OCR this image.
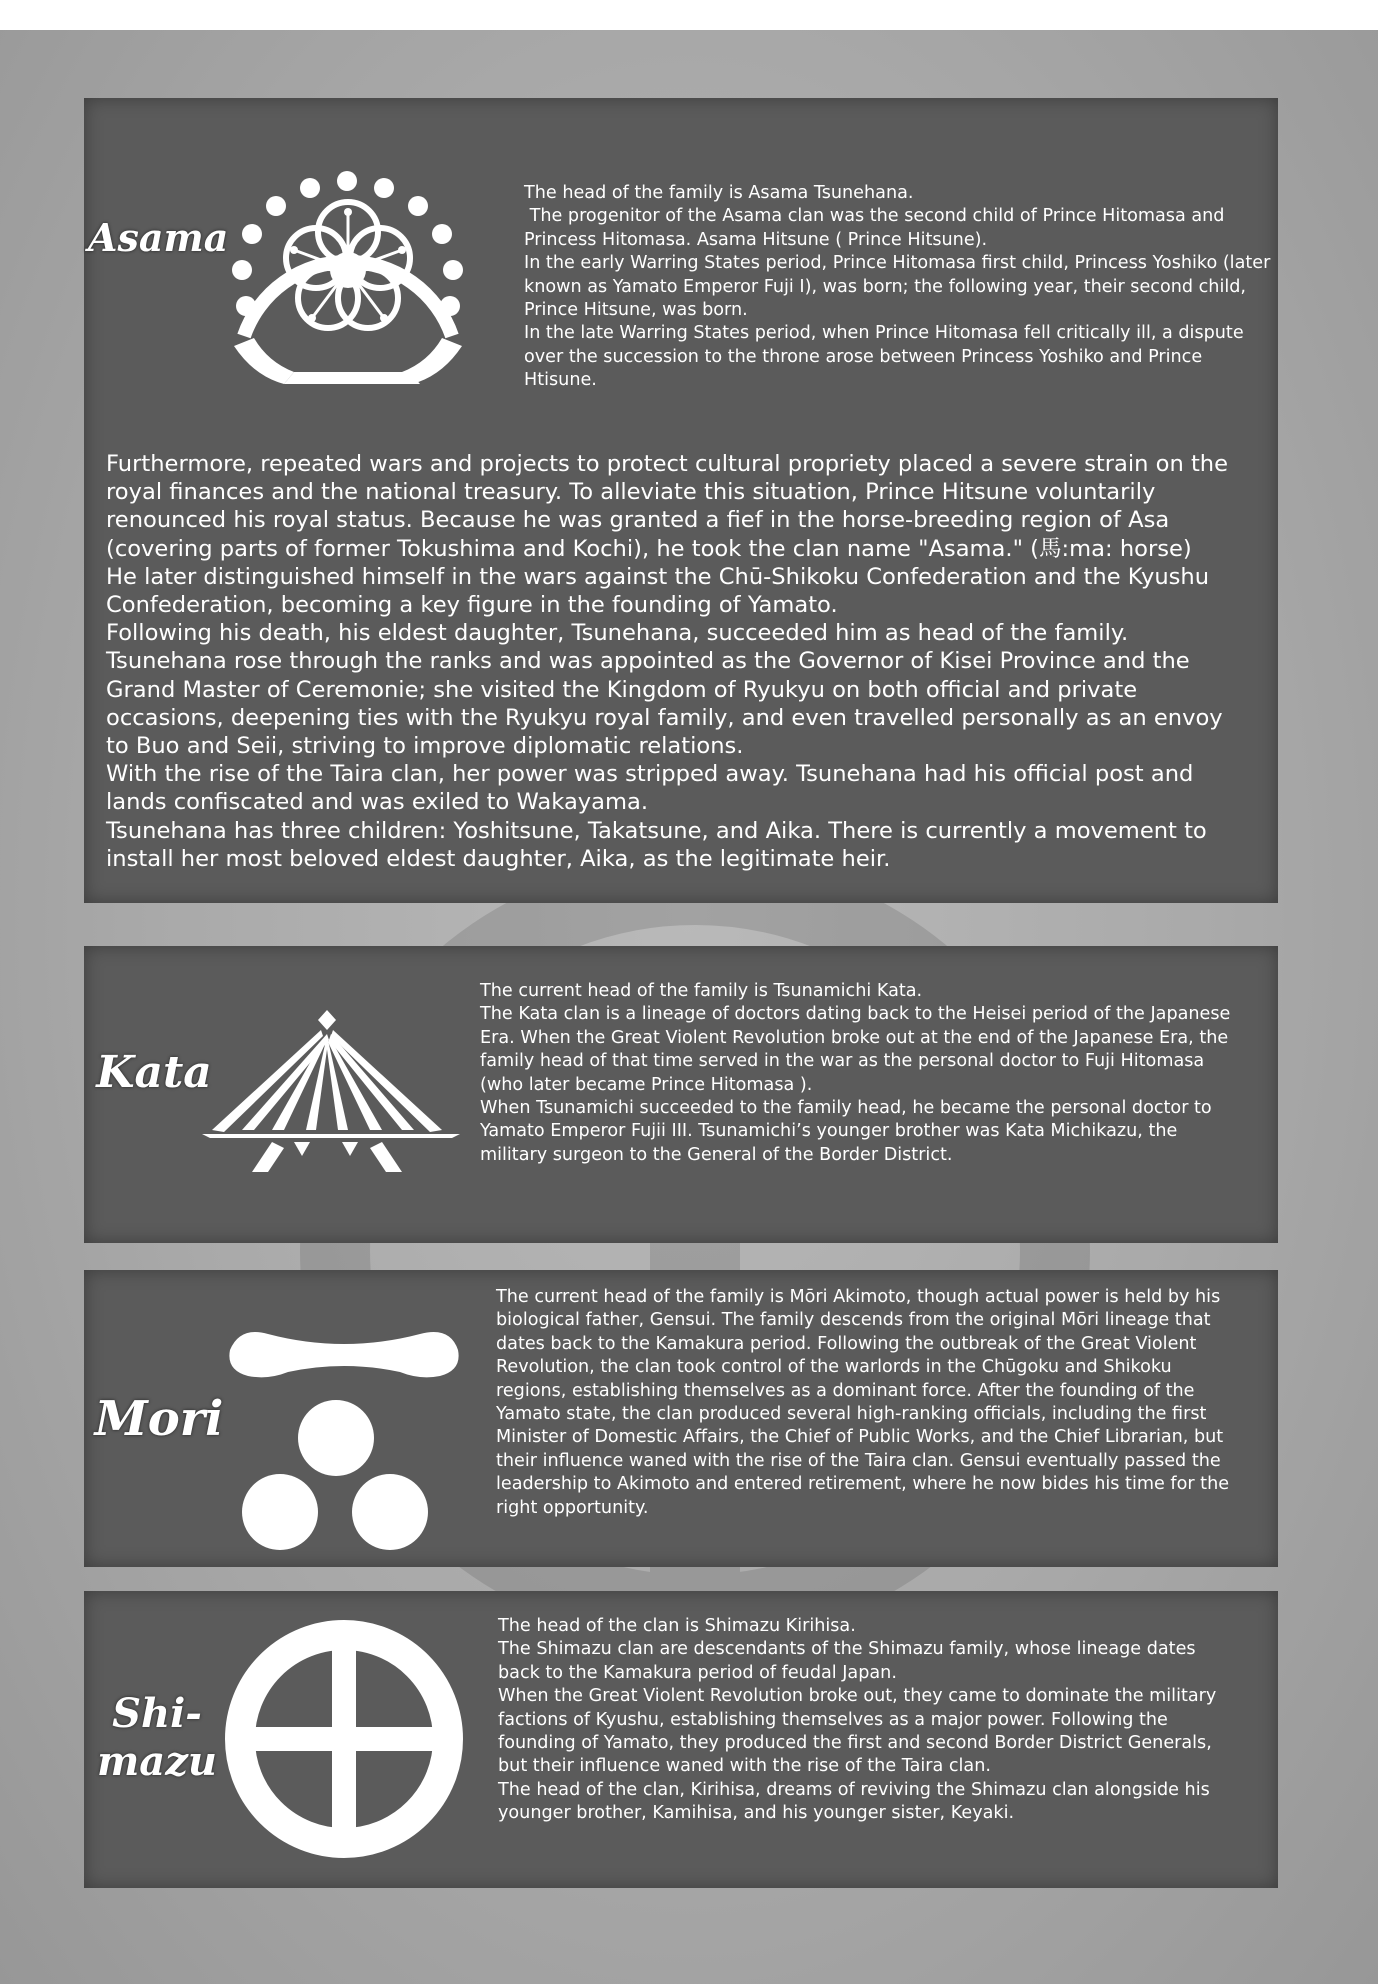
Asama

The head of the family is Asama Tsunehana.

The progenitor of the Asama clan was the second child of Prince Hitomasa and Princess Hitomasa. Asama Hitsune ( Prince Hitsune).

In the early Warring States period, Prince Hitomasa first child, Princess Yoshiko (later known as Yamato Emperor Fuji I), was born; the following year, their second child, Prince Hitsune, was born.

In the late Warring States period, when Prince Hitomasa fell critically ill, a dispute over the succession to the throne arose between Princess Yoshiko and Prince Htisune.

Furthermore, repeated wars and projects to protect cultural propriety placed a severe strain on the royal finances and the national treasury. To alleviate this situation, Prince Hitsune voluntarily renounced his royal status. Because he was granted a fief in the horse-breeding region of Asa (covering parts of former Tokushima and Kochi), he took the clan name "Asama." (馬:ma: horse)

He later distinguished himself in the wars against the Chū-Shikoku Confederation and the Kyushu Confederation, becoming a key figure in the founding of Yamato.

Following his death, his eldest daughter, Tsunehana, succeeded him as head of the family.

Tsunehana rose through the ranks and was appointed as the Governor of Kisei Province and the Grand Master of Ceremonie; she visited the Kingdom of Ryukyu on both official and private occasions, deepening ties with the Ryukyu royal family, and even travelled personally as an envoy to Buo and Seii, striving to improve diplomatic relations.

With the rise of the Taira clan, her power was stripped away. Tsunehana had his official post and lands confiscated and was exiled to Wakayama.

Tsunehana has three children: Yoshitsune, Takatsune, and Aika. There is currently a movement to install her most beloved eldest daughter, Aika, as the legitimate heir.

Kata

The current head of the family is Tsunamichi Kata.

The Kata clan is a lineage of doctors dating back to the Heisei period of the Japanese Era. When the Great Violent Revolution broke out at the end of the Japanese Era, the family head of that time served in the war as the personal doctor to Fuji Hitomasa (who later became Prince Hitomasa ).

When Tsunamichi succeeded to the family head, he became the personal doctor to Yamato Emperor Fujii III. Tsunamichi’s younger brother was Kata Michikazu, the military surgeon to the General of the Border District.

Mori

The current head of the family is Mōri Akimoto, though actual power is held by his biological father, Gensui. The family descends from the original Mōri lineage that dates back to the Kamakura period. Following the outbreak of the Great Violent Revolution, the clan took control of the warlords in the Chūgoku and Shikoku regions, establishing themselves as a dominant force. After the founding of the Yamato state, the clan produced several high-ranking officials, including the first Minister of Domestic Affairs, the Chief of Public Works, and the Chief Librarian, but their influence waned with the rise of the Taira clan. Gensui eventually passed the leadership to Akimoto and entered retirement, where he now bides his time for the right opportunity.

Shi-
mazu

The head of the clan is Shimazu Kirihisa.

The Shimazu clan are descendants of the Shimazu family, whose lineage dates back to the Kamakura period of feudal Japan.

When the Great Violent Revolution broke out, they came to dominate the military factions of Kyushu, establishing themselves as a major power. Following the founding of Yamato, they produced the first and second Border District Generals, but their influence waned with the rise of the Taira clan.

The head of the clan, Kirihisa, dreams of reviving the Shimazu clan alongside his younger brother, Kamihisa, and his younger sister, Keyaki.
